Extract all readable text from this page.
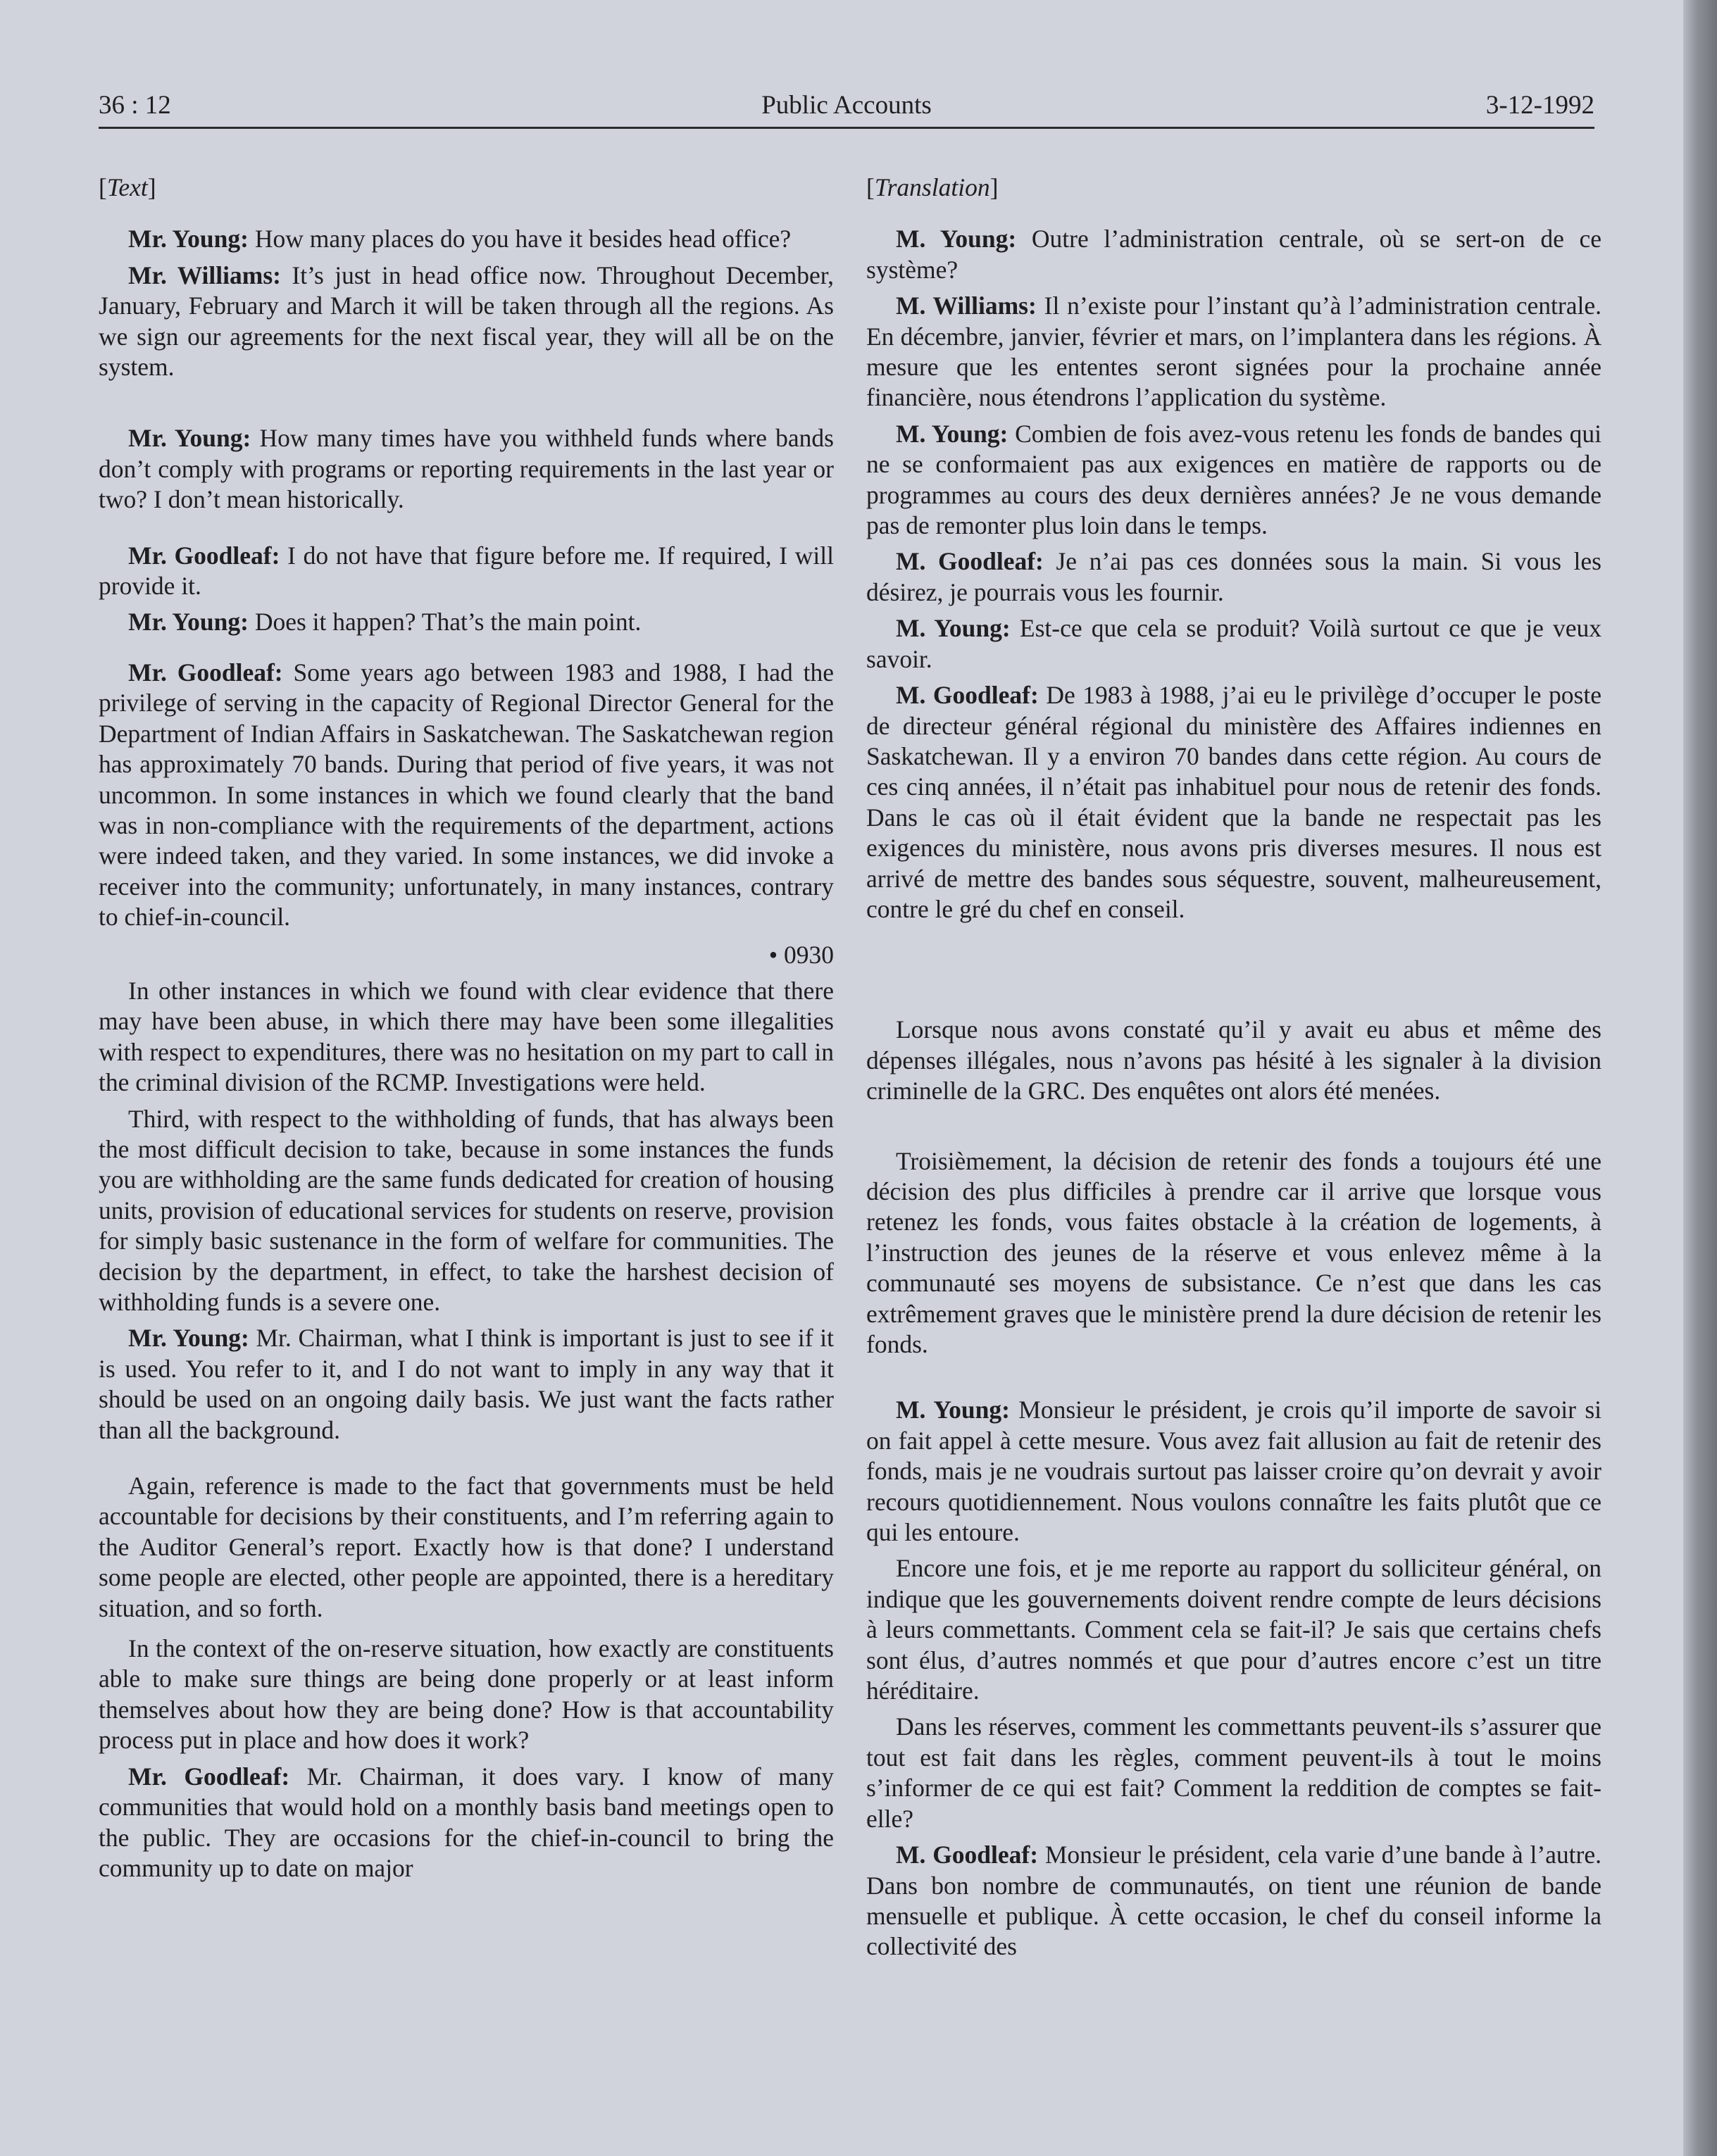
36 : 12	Public Accounts	3-12-1992
[Text]

Mr. Young: How many places do you have it besides head office?

Mr. Williams: It’s just in head office now. Throughout December, January, February and March it will be taken through all the regions. As we sign our agreements for the next fiscal year, they will all be on the system.

Mr. Young: How many times have you withheld funds where bands don’t comply with programs or reporting requirements in the last year or two? I don’t mean historically.

Mr. Goodleaf: I do not have that figure before me. If required, I will provide it.

Mr. Young: Does it happen? That’s the main point.

Mr. Goodleaf: Some years ago between 1983 and 1988, I had the privilege of serving in the capacity of Regional Director General for the Department of Indian Affairs in Saskatchewan. The Saskatchewan region has approximately 70 bands. During that period of five years, it was not uncommon. In some instances in which we found clearly that the band was in non-compliance with the requirements of the department, actions were indeed taken, and they varied. In some instances, we did invoke a receiver into the community; unfortunately, in many instances, contrary to chief-in-council.

• 0930

In other instances in which we found with clear evidence that there may have been abuse, in which there may have been some illegalities with respect to expenditures, there was no hesitation on my part to call in the criminal division of the RCMP. Investigations were held.

Third, with respect to the withholding of funds, that has always been the most difficult decision to take, because in some instances the funds you are withholding are the same funds dedicated for creation of housing units, provision of educational services for students on reserve, provision for simply basic sustenance in the form of welfare for communities. The decision by the department, in effect, to take the harshest decision of withholding funds is a severe one.

Mr. Young: Mr. Chairman, what I think is important is just to see if it is used. You refer to it, and I do not want to imply in any way that it should be used on an ongoing daily basis. We just want the facts rather than all the background.

Again, reference is made to the fact that governments must be held accountable for decisions by their constituents, and I’m referring again to the Auditor General’s report. Exactly how is that done? I understand some people are elected, other people are appointed, there is a hereditary situation, and so forth.

In the context of the on-reserve situation, how exactly are constituents able to make sure things are being done properly or at least inform themselves about how they are being done? How is that accountability process put in place and how does it work?

Mr. Goodleaf: Mr. Chairman, it does vary. I know of many communities that would hold on a monthly basis band meetings open to the public. They are occasions for the chief-in-council to bring the community up to date on major

[Translation]

M. Young: Outre l’administration centrale, où se sert-on de ce système?

M. Williams: Il n’existe pour l’instant qu’à l’administration centrale. En décembre, janvier, février et mars, on l’implantera dans les régions. À mesure que les ententes seront signées pour la prochaine année financière, nous étendrons l’application du système.

M. Young: Combien de fois avez-vous retenu les fonds de bandes qui ne se conformaient pas aux exigences en matière de rapports ou de programmes au cours des deux dernières années? Je ne vous demande pas de remonter plus loin dans le temps.

M. Goodleaf: Je n’ai pas ces données sous la main. Si vous les désirez, je pourrais vous les fournir.

M. Young: Est-ce que cela se produit? Voilà surtout ce que je veux savoir.

M. Goodleaf: De 1983 à 1988, j’ai eu le privilège d’occuper le poste de directeur général régional du ministère des Affaires indiennes en Saskatchewan. Il y a environ 70 bandes dans cette région. Au cours de ces cinq années, il n’était pas inhabituel pour nous de retenir des fonds. Dans le cas où il était évident que la bande ne respectait pas les exigences du ministère, nous avons pris diverses mesures. Il nous est arrivé de mettre des bandes sous séquestre, souvent, malheureusement, contre le gré du chef en conseil.

Lorsque nous avons constaté qu’il y avait eu abus et même des dépenses illégales, nous n’avons pas hésité à les signaler à la division criminelle de la GRC. Des enquêtes ont alors été menées.

Troisièmement, la décision de retenir des fonds a toujours été une décision des plus difficiles à prendre car il arrive que lorsque vous retenez les fonds, vous faites obstacle à la création de logements, à l’instruction des jeunes de la réserve et vous enlevez même à la communauté ses moyens de subsistance. Ce n’est que dans les cas extrêmement graves que le ministère prend la dure décision de retenir les fonds.

M. Young: Monsieur le président, je crois qu’il importe de savoir si on fait appel à cette mesure. Vous avez fait allusion au fait de retenir des fonds, mais je ne voudrais surtout pas laisser croire qu’on devrait y avoir recours quotidiennement. Nous voulons connaître les faits plutôt que ce qui les entoure.

Encore une fois, et je me reporte au rapport du solliciteur général, on indique que les gouvernements doivent rendre compte de leurs décisions à leurs commettants. Comment cela se fait-il? Je sais que certains chefs sont élus, d’autres nommés et que pour d’autres encore c’est un titre héréditaire.

Dans les réserves, comment les commettants peuvent-ils s’assurer que tout est fait dans les règles, comment peuvent-ils à tout le moins s’informer de ce qui est fait? Comment la reddition de comptes se fait-elle?

M. Goodleaf: Monsieur le président, cela varie d’une bande à l’autre. Dans bon nombre de communautés, on tient une réunion de bande mensuelle et publique. À cette occasion, le chef du conseil informe la collectivité des
